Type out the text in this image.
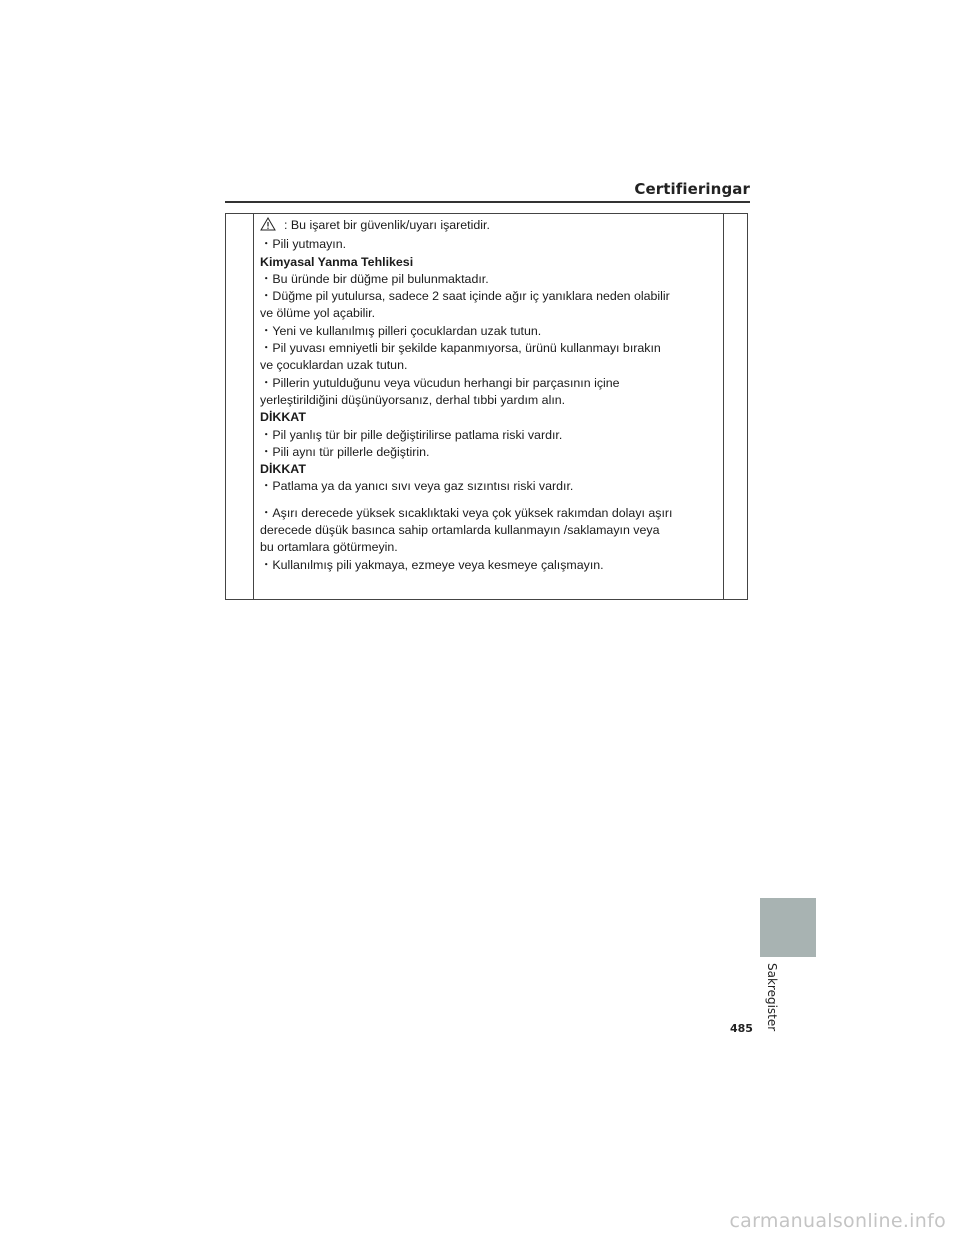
Certifieringar
: Bu işaret bir güvenlik/uyarı işaretidir.
・Pili yutmayın.
Kimyasal Yanma Tehlikesi
・Bu üründe bir düğme pil bulunmaktadır.
・Düğme pil yutulursa, sadece 2 saat içinde ağır iç yanıklara neden olabilir
ve ölüme yol açabilir.
・Yeni ve kullanılmış pilleri çocuklardan uzak tutun.
・Pil yuvası emniyetli bir şekilde kapanmıyorsa, ürünü kullanmayı bırakın
ve çocuklardan uzak tutun.
・Pillerin yutulduğunu veya vücudun herhangi bir parçasının içine
yerleştirildiğini düşünüyorsanız, derhal tıbbi yardım alın.
DİKKAT
・Pil yanlış tür bir pille değiştirilirse patlama riski vardır.
・Pili aynı tür pillerle değiştirin.
DİKKAT
・Patlama ya da yanıcı sıvı veya gaz sızıntısı riski vardır.
・Aşırı derecede yüksek sıcaklıktaki veya çok yüksek rakımdan dolayı aşırı
derecede düşük basınca sahip ortamlarda kullanmayın /saklamayın veya
bu ortamlara götürmeyin.
・Kullanılmış pili yakmaya, ezmeye veya kesmeye çalışmayın.
Sakregister
485
carmanualsonline.info
